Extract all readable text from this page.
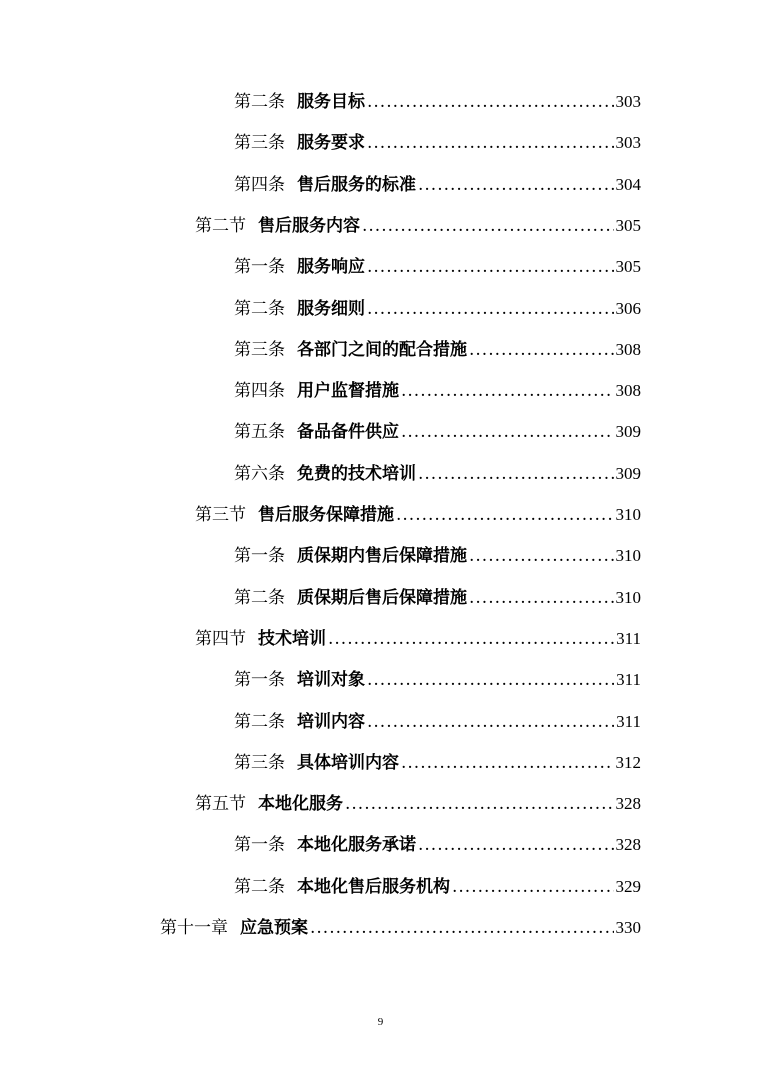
第二条 服务目标 .....	303
第三条 服务要求 .....	303
第四条 售后服务的标准 .....	304
第二节 售后服务内容 .....	305
第一条 服务响应 .....	305
第二条 服务细则 .....	306
第三条 各部门之间的配合措施 .....	308
第四条 用户监督措施 .....	308
第五条 备品备件供应 .....	309
第六条 免费的技术培训 .....	309
第三节 售后服务保障措施 .....	310
第一条 质保期内售后保障措施 .....	310
第二条 质保期后售后保障措施 .....	310
第四节 技术培训 .....	311
第一条 培训对象 .....	311
第二条 培训内容 .....	311
第三条 具体培训内容 .....	312
第五节 本地化服务 .....	328
第一条 本地化服务承诺 .....	328
第二条 本地化售后服务机构 .....	329
第十一章 应急预案 .....	330
9
